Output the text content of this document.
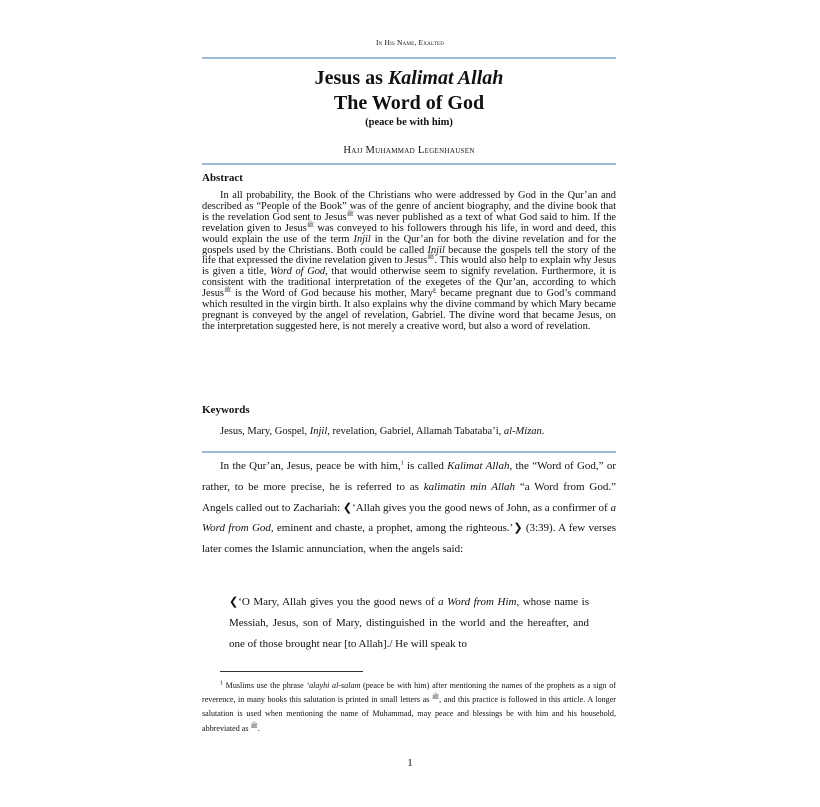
In His Name, Exalted
Jesus as Kalimat Allah
The Word of God
(peace be with him)
Hajj Muhammad Legenhausen
Abstract

In all probability, the Book of the Christians who were addressed by God in the Qur’an and described as “People of the Book” was of the genre of ancient biography, and the divine book that is the revelation God sent to Jesus$^ﷺ$ was never published as a text of what God said to him. If the revelation given to Jesus$^ﷺ$ was conveyed to his followers through his life, in word and deed, this would explain the use of the term Injil in the Qur’an for both the divine revelation and for the gospels used by the Christians. Both could be called Injil because the gospels tell the story of the life that expressed the divine revelation given to Jesus$^ﷺ$. This would also help to explain why Jesus is given a title, Word of God, that would otherwise seem to signify revelation. Furthermore, it is consistent with the traditional interpretation of the exegetes of the Qur’an, according to which Jesus$^ﷺ$ is the Word of God because his mother, Mary$^ع$ became pregnant due to God’s command which resulted in the virgin birth. It also explains why the divine command by which Mary became pregnant is conveyed by the angel of revelation, Gabriel. The divine word that became Jesus, on the interpretation suggested here, is not merely a creative word, but also a word of revelation.

Keywords
Jesus, Mary, Gospel, Injil, revelation, Gabriel, Allamah Tabataba’i, al-Mizan.

In the Qur’an, Jesus, peace be with him,$^1$ is called Kalimat Allah, the “Word of God,” or rather, to be more precise, he is referred to as kalimatin min Allah “a Word from God.” Angels called out to Zachariah: ❮‘Allah gives you the good news of John, as a confirmer of a Word from God, eminent and chaste, a prophet, among the righteous.’❯ (3:39). A few verses later comes the Islamic annunciation, when the angels said:

❮‘O Mary, Allah gives you the good news of a Word from Him, whose name is Messiah, Jesus, son of Mary, distinguished in the world and the hereafter, and one of those brought near [to Allah]./ He will speak to

$^1$ Muslims use the phrase ‘alayhi al-salam (peace be with him) after mentioning the names of the prophets as a sign of reverence, in many books this salutation is printed in small letters as $^ﷺ$, and this practice is followed in this article. A longer salutation is used when mentioning the name of Muhammad, may peace and blessings be with him and his household, abbreviated as $^ﷺ$.

1
